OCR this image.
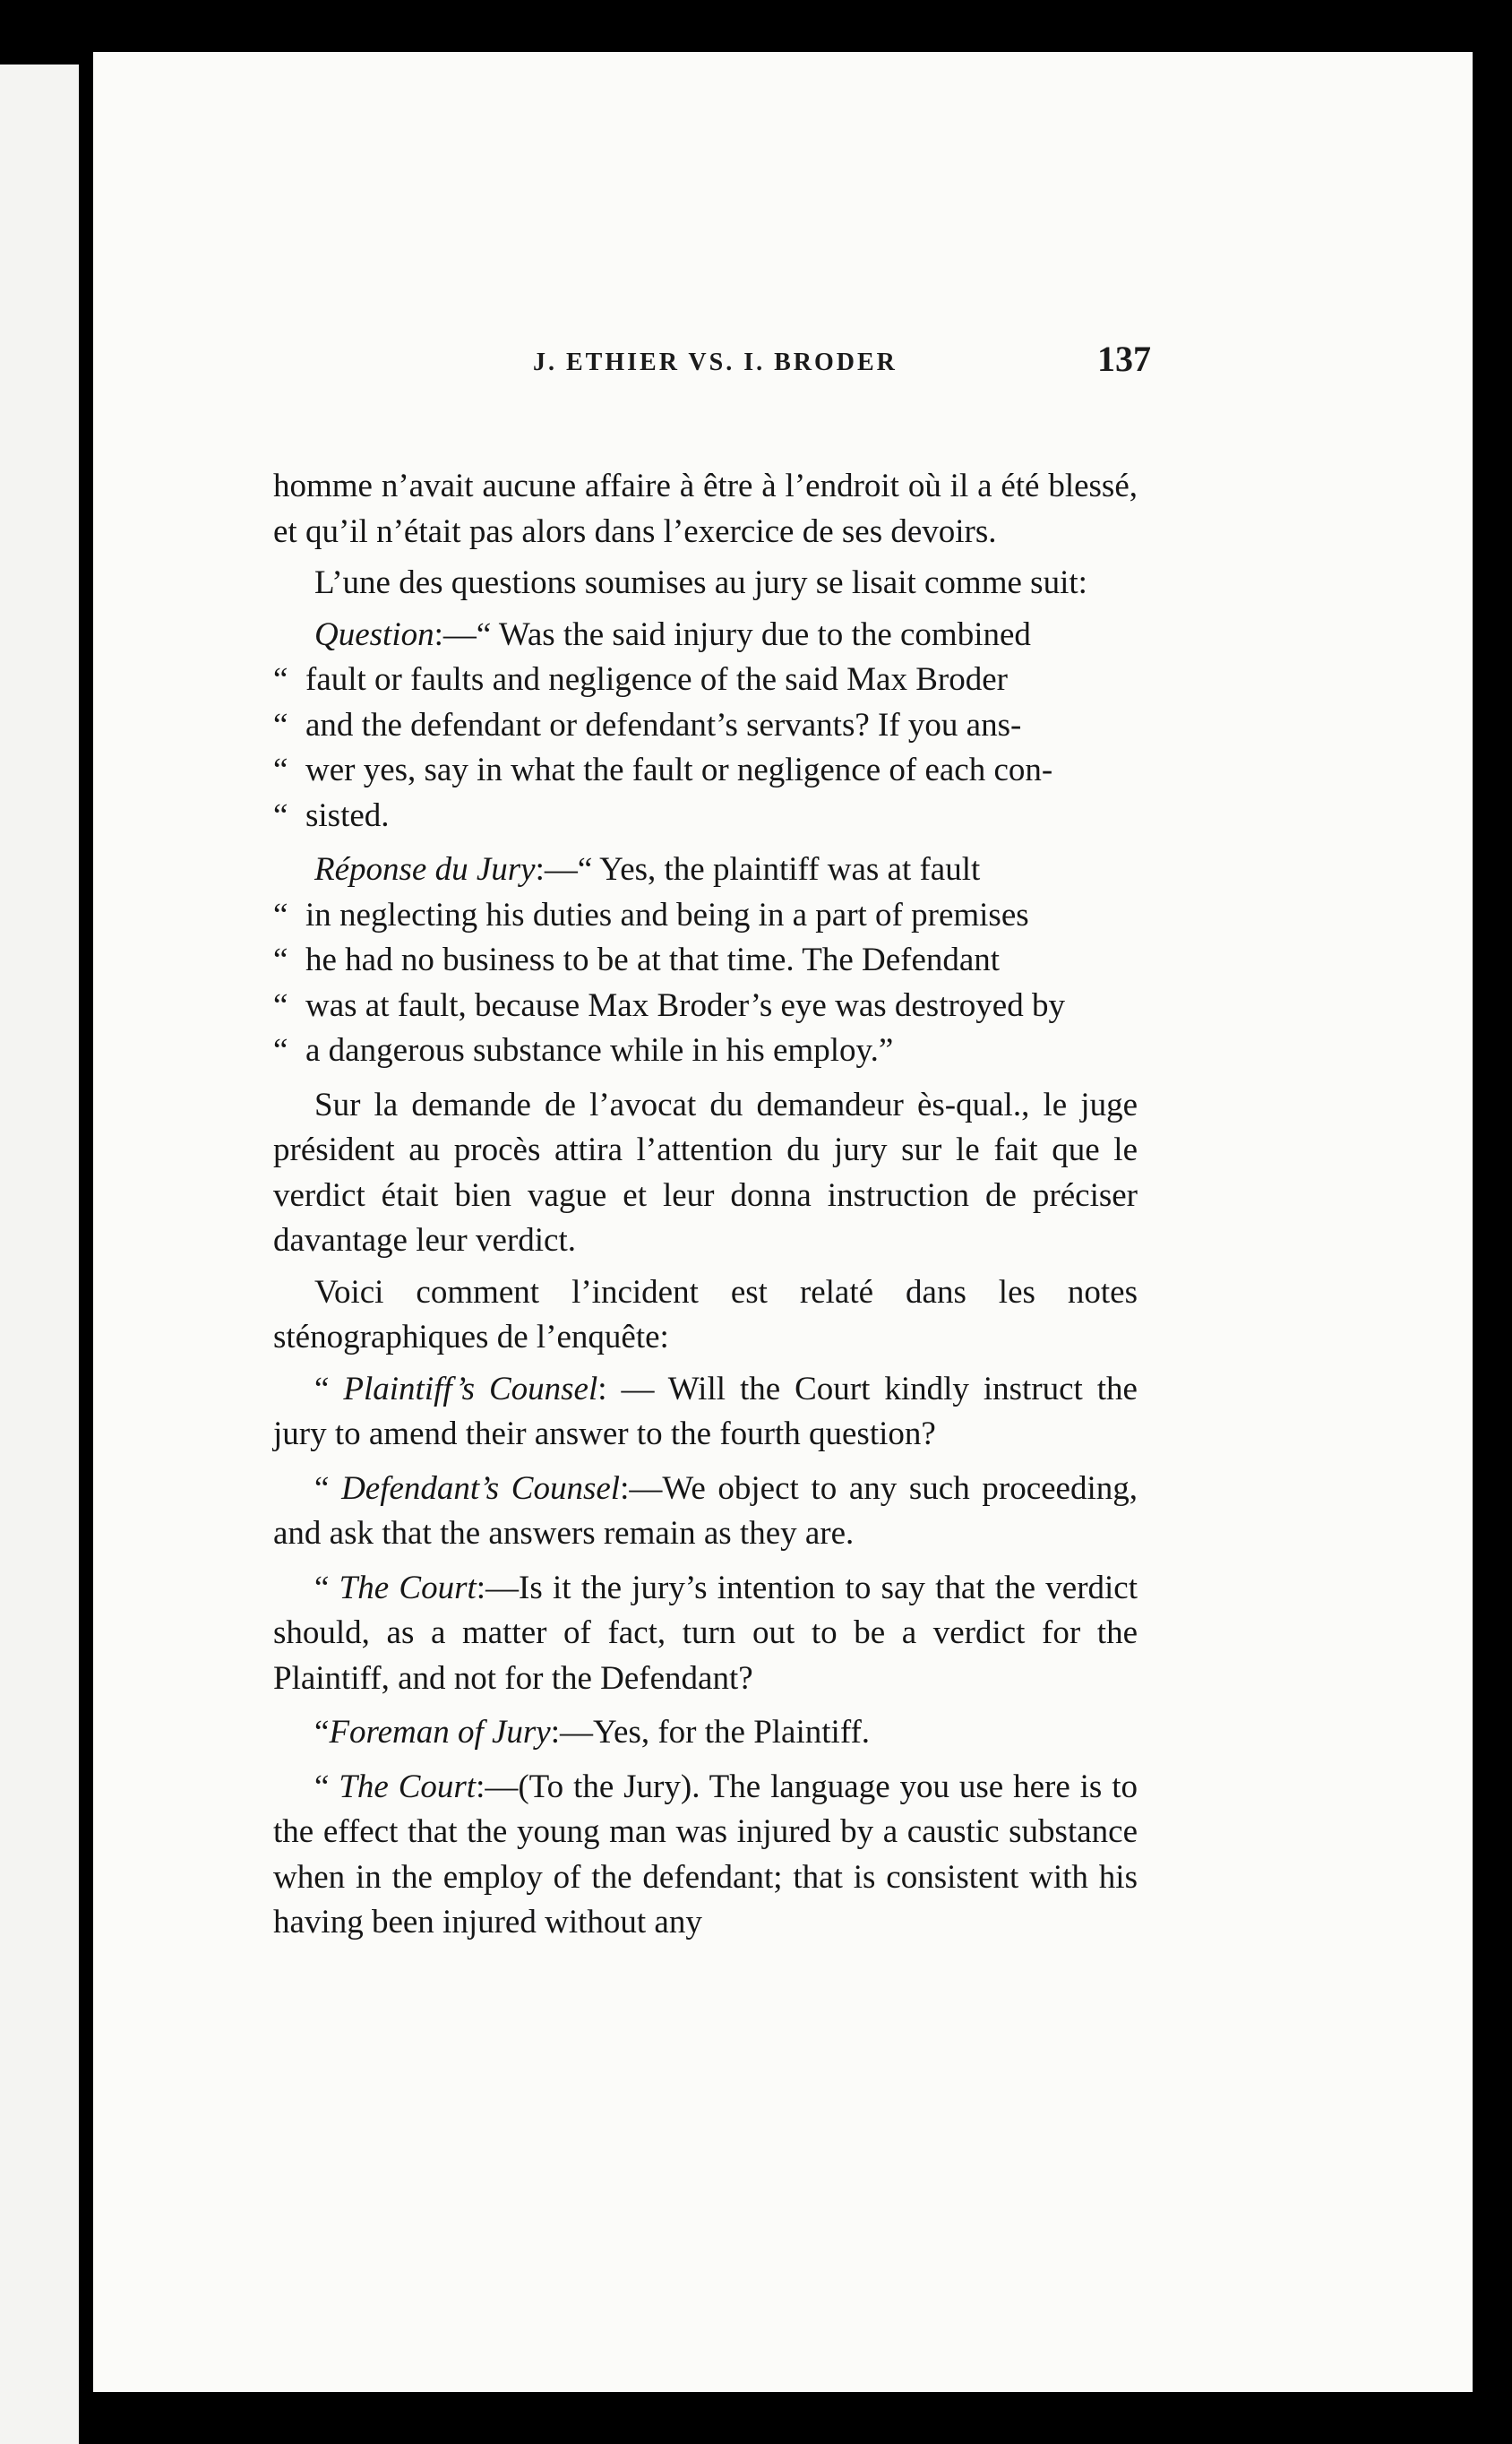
J. ETHIER VS. I. BRODER	137

homme n’avait aucune affaire à être à l’endroit où il a été blessé, et qu’il n’était pas alors dans l’exercice de ses devoirs.

L’une des questions soumises au jury se lisait comme suit:

Question:—“ Was the said injury due to the combined
“ fault or faults and negligence of the said Max Broder
“ and the defendant or defendant’s servants? If you ans-
“ wer yes, say in what the fault or negligence of each con-
“ sisted.
Réponse du Jury:—“ Yes, the plaintiff was at fault
“ in neglecting his duties and being in a part of premises
“ he had no business to be at that time. The Defendant
“ was at fault, because Max Broder’s eye was destroyed by
“ a dangerous substance while in his employ.”

Sur la demande de l’avocat du demandeur ès-qual., le juge président au procès attira l’attention du jury sur le fait que le verdict était bien vague et leur donna instruction de préciser davantage leur verdict.

Voici comment l’incident est relaté dans les notes sténographiques de l’enquête:

“ Plaintiff’s Counsel: — Will the Court kindly instruct the jury to amend their answer to the fourth question?

“ Defendant’s Counsel:—We object to any such proceeding, and ask that the answers remain as they are.

“ The Court:—Is it the jury’s intention to say that the verdict should, as a matter of fact, turn out to be a verdict for the Plaintiff, and not for the Defendant?

“Foreman of Jury:—Yes, for the Plaintiff.

“ The Court:—(To the Jury). The language you use here is to the effect that the young man was injured by a caustic substance when in the employ of the defendant; that is consistent with his having been injured without any
